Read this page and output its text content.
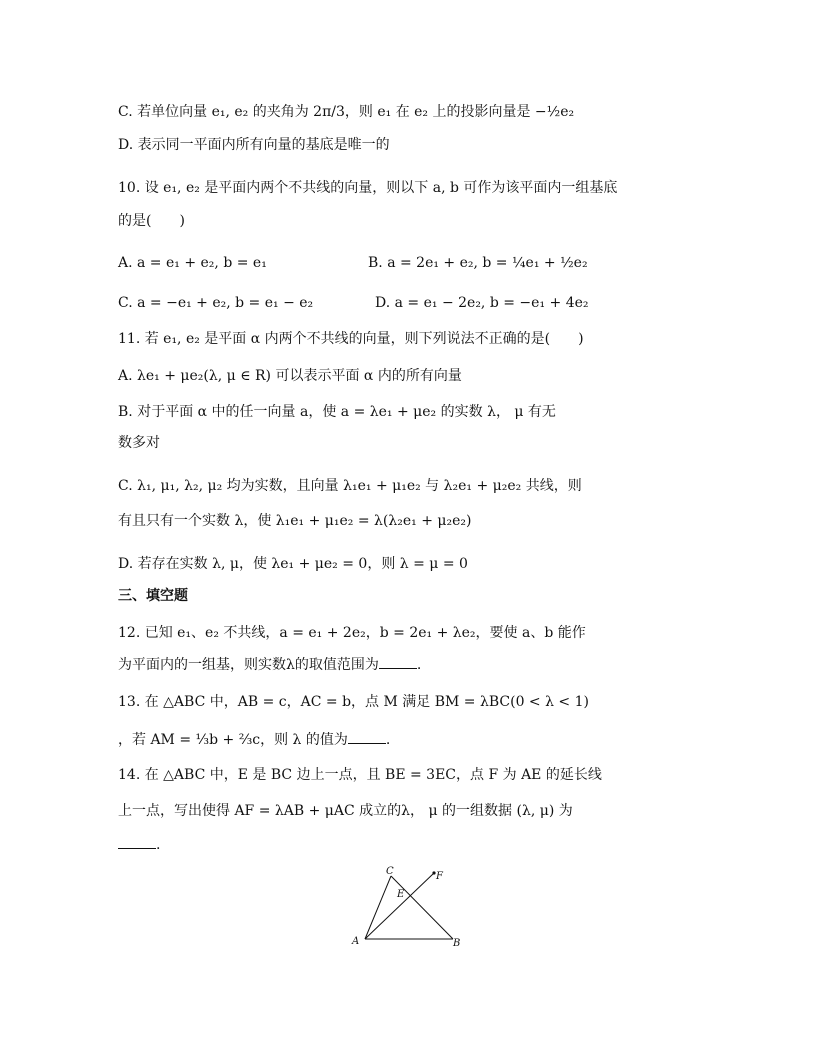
C. 若单位向量 e₁, e₂ 的夹角为 2π/3，则 e₁ 在 e₂ 上的投影向量是 −½e₂
D. 表示同一平面内所有向量的基底是唯一的
10. 设 e₁, e₂ 是平面内两个不共线的向量，则以下 a, b 可作为该平面内一组基底
的是(　　)
A. a = e₁ + e₂, b = e₁	B. a = 2e₁ + e₂, b = ¼e₁ + ½e₂
C. a = −e₁ + e₂, b = e₁ − e₂	D. a = e₁ − 2e₂, b = −e₁ + 4e₂
11. 若 e₁, e₂ 是平面 α 内两个不共线的向量，则下列说法不正确的是(　　)
A. λe₁ + μe₂(λ, μ ∈ R) 可以表示平面 α 内的所有向量
B. 对于平面 α 中的任一向量 a，使 a = λe₁ + μe₂ 的实数 λ， μ 有无
数多对
C. λ₁, μ₁, λ₂, μ₂ 均为实数，且向量 λ₁e₁ + μ₁e₂ 与 λ₂e₁ + μ₂e₂ 共线，则
有且只有一个实数 λ，使 λ₁e₁ + μ₁e₂ = λ(λ₂e₁ + μ₂e₂)
D. 若存在实数 λ, μ，使 λe₁ + μe₂ = 0，则 λ = μ = 0
三、填空题
12. 已知 e₁、e₂ 不共线，a = e₁ + 2e₂，b = 2e₁ + λe₂，要使 a、b 能作
为平面内的一组基，则实数λ的取值范围为	.
13. 在 △ABC 中，AB = c，AC = b，点 M 满足 BM = λBC(0 < λ < 1)
，若 AM = ⅓b + ⅔c，则 λ 的值为	.
14. 在 △ABC 中，E 是 BC 边上一点，且 BE = 3EC，点 F 为 AE 的延长线
上一点，写出使得 AF = λAB + μAC 成立的λ， μ 的一组数据 (λ, μ) 为
.
A	B
C
E
F
